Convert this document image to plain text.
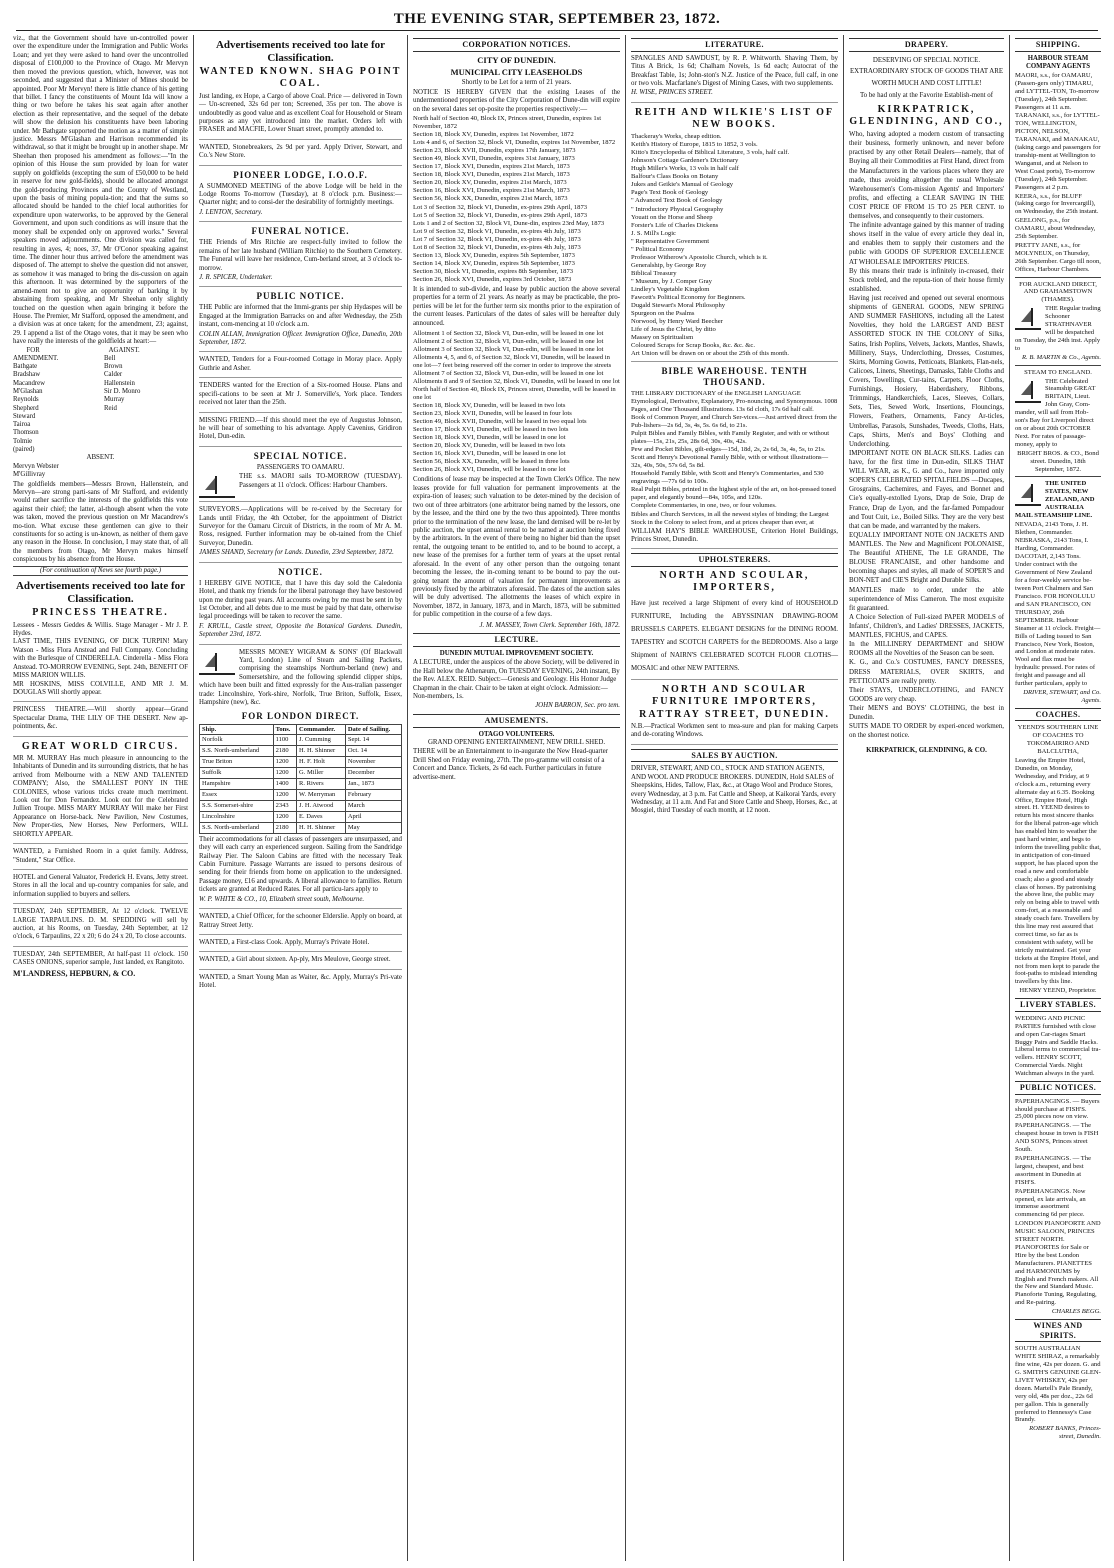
THE EVENING STAR, SEPTEMBER 23, 1872.

viz., that the Government should have un-controlled power over the expenditure under the Immigration and Public Works Loan; and yet they were asked to hand over the uncontrolled disposal of £100,000 to the Province of Otago. Mr Mervyn then moved the previous question, which, however, was not seconded, and suggested that a Minister of Mines should be appointed. Poor Mr Mervyn! there is little chance of his getting that billet. I fancy the constituents of Mount Ida will know a thing or two before he takes his seat again after another election as their representative, and the sequel of the debate will show the delusion his constituents have been laboring under. Mr Bathgate supported the motion as a matter of simple justice. Messrs M'Glashan and Harrison recommended its withdrawal, so that it might be brought up in another shape. Mr Sheehan then proposed his amendment as follows:—"In the opinion of this House the sum provided by loan for water supply on goldfields (excepting the sum of £50,000 to be held in reserve for new gold-fields), should be allocated amongst the gold-producing Provinces and the County of Westland, upon the basis of mining popula-tion; and that the sums so allocated should be handed to the chief local authorities for expenditure upon waterworks, to be approved by the General Government, and upon such conditions as will insure that the money shall be expended only on approved works." Several speakers moved adjournments. One division was called for, resulting in ayes, 4; noes, 37, Mr O'Conor speaking against time. The dinner hour thus arrived before the amendment was disposed of. The attempt to shelve the question did not answer, as somehow it was managed to bring the dis-cussion on again this afternoon. It was determined by the supporters of the amend-ment not to give an opportunity of barking it by abstaining from speaking, and Mr Sheehan only slightly touched on the question when again bringing it before the House. The Premier, Mr Stafford, opposed the amendment, and a division was at once taken; for the amendment, 23; against, 29. I append a list of the Otago votes, that it may be seen who have really the interests of the goldfields at heart:—

FOR AMENDMENT.
Bathgate
Bradshaw
Macandrew
M'Glashan
Reynolds
Shepherd
Steward
Tairoa
Thomson
Tolmie (paired)
AGAINST.
Bell
Brown
Calder
Hallenstein
Sir D. Monro
Murray
Reid
ABSENT.
Mervyn Webster
M'Gillivray

The goldfields members—Messrs Brown, Hallenstein, and Mervyn—are strong parti-sans of Mr Stafford, and evidently would rather sacrifice the interests of the goldfields this vote against their chief; the latter, al-though absent when the vote was taken, moved the previous question on Mr Macandrew's mo-tion. What excuse these gentlemen can give to their constituents for so acting is un-known, as neither of them gave any reason in the House. In conclusion, I may state that, of all the members from Otago, Mr Mervyn makes himself conspicuous by his absence from the House.

(For continuation of News see fourth page.)
Advertisements received too late for Classification.
PRINCESS THEATRE.

Lessees - Messrs Geddes & Willis. Stage Manager - Mr J. P. Hydes.
LAST TIME, THIS EVENING, OF DICK TURPIN! Mary Watson - Miss Flora Anstead and Full Company. Concluding with the Burlesque of CINDERELLA. Cinderella - Miss Flora Anstead. TO-MORROW EVENING, Sept. 24th, BENEFIT OF MISS MARION WILLIS.
MR HOSKINS, MISS COLVILLE, AND MR J. M. DOUGLAS Will shortly appear.

PRINCESS THEATRE.—Will shortly appear—Grand Spectacular Drama, THE LILY OF THE DESERT. New ap-pointments, &c.

GREAT WORLD CIRCUS.

MR M. MURRAY Has much pleasure in announcing to the Inhabitants of Dunedin and its surrounding districts, that he has arrived from Melbourne with a NEW AND TALENTED COMPANY; Also, the SMALLEST PONY IN THE COLONIES, whose various tricks create much merriment. Look out for Don Fernandez. Look out for the Celebrated Jullien Troupe. MISS MARY MURRAY Will make her First Appearance on Horse-back. New Pavilion, New Costumes, New Proper-ties, New Horses, New Performers, WILL SHORTLY APPEAR.

WANTED, a Furnished Room in a quiet family. Address, "Student," Star Office.

HOTEL and General Valuator, Frederick H. Evans, Jetty street. Stores in all the local and up-country companies for sale, and information supplied to buyers and sellers.

TUESDAY, 24th SEPTEMBER, At 12 o'clock. TWELVE LARGE TARPAULINS. D. M. SPEDDING will sell by auction, at his Rooms, on Tuesday, 24th September, at 12 o'clock, 6 Tarpaulins, 22 x 20; 6 do 24 x 20, To close accounts.

TUESDAY, 24th SEPTEMBER, At half-past 11 o'clock. 150 CASES ONIONS, superior sample, Just landed, ex Rangitoto.

M'LANDRESS, HEPBURN, & CO.

Advertisements received too late for Classification.
WANTED KNOWN. SHAG POINT COAL.

Just landing, ex Hope, a Cargo of above Coal. Price — delivered in Town — Un-screened, 32s 6d per ton; Screened, 35s per ton. The above is undoubtedly as good value and as excellent Coal for Household or Steam purposes as any yet introduced into the market. Orders left with FRASER and MACFIE, Lower Stuart street, promptly attended to.

WANTED, Stonebreakers, 2s 9d per yard. Apply Driver, Stewart, and Co.'s New Store.

PIONEER LODGE, I.O.O.F.

A SUMMONED MEETING of the above Lodge will be held in the Lodge Rooms To-morrow (Tuesday), at 8 o'clock p.m. Business:—Quarter night; and to consi-der the desirability of fortnightly meetings.

J. LENTON, Secretary.

FUNERAL NOTICE.

THE Friends of Mrs Ritchie are respect-fully invited to follow the remains of her late husband (William Ritchie) to the Southern Cemetery. The Funeral will leave her residence, Cum-berland street, at 3 o'clock to-morrow.

J. R. SPICER, Undertaker.

PUBLIC NOTICE.

THE Public are informed that the Immi-grants per ship Hydaspes will be Engaged at the Immigration Barracks on and after Wednesday, the 25th instant, com-mencing at 10 o'clock a.m.

COLIN ALLAN, Immigration Officer. Immigration Office, Dunedin, 20th September, 1872.

WANTED, Tenders for a Four-roomed Cottage in Moray place. Apply Guthrie and Asher.

TENDERS wanted for the Erection of a Six-roomed House. Plans and specifi-cations to be seen at Mr J. Somerville's, York place. Tenders received not later than the 25th.

MISSING FRIEND.—If this should meet the eye of Augustus Johnson, he will hear of something to his advantage. Apply Cavenius, Gridiron Hotel, Dun-edin.

SPECIAL NOTICE.
PASSENGERS TO OAMARU.

THE s.s. MAORI sails TO-MORROW (TUESDAY). Passengers at 11 o'clock. Offices: Harbour Chambers.

SURVEYORS.—Applications will be re-ceived by the Secretary for Lands until Friday, the 4th October, for the appointment of District Surveyor for the Oamaru Circuit of Districts, in the room of Mr A. M. Ross, resigned. Further information may be ob-tained from the Chief Surveyor, Dunedin.

JAMES SHAND, Secretary for Lands. Dunedin, 23rd September, 1872.

NOTICE.

I HEREBY GIVE NOTICE, that I have this day sold the Caledonia Hotel, and thank my friends for the liberal patronage they have bestowed upon me during past years. All accounts owing by me must be sent in by 1st October, and all debts due to me must be paid by that date, otherwise legal proceedings will be taken to recover the same.

F. KRULL, Castle street, Opposite the Botanical Gardens. Dunedin, September 23rd, 1872.

MESSRS MONEY WIGRAM & SONS' (Of Blackwall Yard, London) Line of Steam and Sailing Packets, comprising the steamships Northum-berland (new) and Somersetshire, and the following splendid clipper ships, which have been built and fitted expressly for the Aus-tralian passenger trade: Lincolnshire, York-shire, Norfolk, True Briton, Suffolk, Essex, Hampshire (new), &c.

FOR LONDON DIRECT.
Ship.	Tons.	Commander.	Date of Sailing.
Norfolk	1100	J. Cumming	Sept. 14
S.S. North-umberland	2180	H. H. Shinner	Oct. 14
True Briton	1200	H. F. Holt	November
Suffolk	1200	G. Miller	December
Hampshire	1400	R. Rivers	Jan., 1873
Essex	1200	W. Merryman	February
S.S. Somerset-shire	2343	J. H. Atwood	March
Lincolnshire	1200	E. Daves	April
S.S. North-umberland	2180	H. H. Shinner	May

Their accommodations for all classes of passengers are unsurpassed, and they will each carry an experienced surgeon. Sailing from the Sandridge Railway Pier. The Saloon Cabins are fitted with the necessary Teak Cabin Furniture. Passage Warrants are issued to persons desirous of sending for their friends from home on application to the undersigned. Passage money, £16 and upwards. A liberal allowance to families. Return tickets are granted at Reduced Rates. For all particu-lars apply to

W. P. WHITE & CO., 10, Elizabeth street south, Melbourne.

WANTED, a Chief Officer, for the schooner Elderslie. Apply on board, at Rattray Street Jetty.

WANTED, a First-class Cook. Apply, Murray's Private Hotel.

WANTED, a Girl about sixteen. Ap-ply, Mrs Meulove, George street.

WANTED, a Smart Young Man as Waiter, &c. Apply, Murray's Pri-vate Hotel.

CORPORATION NOTICES.
CITY OF DUNEDIN.
MUNICIPAL CITY LEASEHOLDS
Shortly to be Let for a term of 21 years.

NOTICE IS HEREBY GIVEN that the existing Leases of the undermentioned properties of the City Corporation of Dune-din will expire on the several dates set op-posite the properties respectively:—

North half of Section 40, Block IX, Princes street, Dunedin, expires 1st November, 1872
Section 18, Block XV, Dunedin, expires 1st November, 1872
Lots 4 and 6, of Section 32, Block VI, Dunedin, expires 1st November, 1872
Section 23, Block XVII, Dunedin, expires 17th January, 1873
Section 49, Block XVII, Dunedin, expires 31st January, 1873
Section 17, Block XVI, Dunedin, expires 21st March, 1873
Section 18, Block XVI, Dunedin, expires 21st March, 1873
Section 20, Block XV, Dunedin, expires 21st March, 1873
Section 16, Block XVI, Dunedin, expires 21st March, 1873
Section 56, Block XX, Dunedin, expires 21st March, 1873
Lot 3 of Section 32, Block VI, Dunedin, ex-pires 29th April, 1873
Lot 5 of Section 32, Block VI, Dunedin, ex-pires 29th April, 1873
Lots 1 and 2 of Section 32, Block VI, Dune-din, expires 23rd May, 1873
Lot 9 of Section 32, Block VI, Dunedin, ex-pires 4th July, 1873
Lot 7 of Section 32, Block VI, Dunedin, ex-pires 4th July, 1873
Lot 8 of Section 32, Block VI, Dunedin, ex-pires 4th July, 1873
Section 13, Block XV, Dunedin, expires 5th September, 1873
Section 14, Block XV, Dunedin, expires 5th September, 1873
Section 30, Block VI, Dunedin, expires 8th September, 1873
Section 26, Block XVI, Dunedin, expires 3rd October, 1873

It is intended to sub-divide, and lease by public auction the above several properties for a term of 21 years. As nearly as may be practicable, the pro-perties will be let for the further term six months prior to the expiration of the current leases. Particulars of the dates of sales will be hereafter duly announced.

Allotment 1 of Section 32, Block VI, Dun-edin, will be leased in one lot
Allotment 2 of Section 32, Block VI, Dun-edin, will be leased in one lot
Allotment 3 of Section 32, Block VI, Dun-edin, will be leased in one lot
Allotments 4, 5, and 6, of Section 32, Block VI, Dunedin, will be leased in one lot—7 feet being reserved off the corner in order to improve the streets
Allotment 7 of Section 32, Block VI, Dun-edin, will be leased in one lot
Allotments 8 and 9 of Section 32, Block VI, Dunedin, will be leased in one lot
North half of Section 40, Block IX, Princes street, Dunedin, will be leased in one lot
Section 18, Block XV, Dunedin, will be leased in two lots
Section 23, Block XVII, Dunedin, will be leased in four lots
Section 49, Block XVII, Dunedin, will be leased in two equal lots
Section 17, Block XVI, Dunedin, will be leased in two lots
Section 18, Block XVI, Dunedin, will be leased in one lot
Section 20, Block XV, Dunedin, will be leased in two lots
Section 16, Block XVI, Dunedin, will be leased in one lot
Section 56, Block XX, Dunedin, will be leased in three lots
Section 26, Block XVI, Dunedin, will be leased in one lot

Conditions of lease may be inspected at the Town Clerk's Office. The new leases provide for full valuation for permanent improvements at the expira-tion of leases; such valuation to be deter-mined by the decision of two out of three arbitrators (one arbitrator being named by the lessors, one by the lessee, and the third one by the two thus appointed). Three months prior to the termination of the new lease, the land demised will be re-let by public auction, the upset annual rental to be named at auction being fixed by the arbitrators. In the event of there being no higher bid than the upset rental, the outgoing tenant to be entitled to, and to be bound to accept, a new lease of the premises for a further term of years at the upset rental aforesaid. In the event of any other person than the outgoing tenant becoming the lessee, the in-coming tenant to be bound to pay the out-going tenant the amount of valuation for permanent improvements as previously fixed by the arbitrators aforesaid. The dates of the auction sales will be duly advertised. The allotments the leases of which expire in November, 1872, in January, 1873, and in March, 1873, will be submitted for public competition in the course of a few days.

J. M. MASSEY, Town Clerk. September 16th, 1872.

LECTURE.
DUNEDIN MUTUAL IMPROVEMENT SOCIETY.

A LECTURE, under the auspices of the above Society, will be delivered in the Hall below the Athenæum, On TUESDAY EVENING, 24th instant, By the Rev. ALEX. REID. Subject:—Genesis and Geology. His Honor Judge Chapman in the chair. Chair to be taken at eight o'clock. Admission:—Non-members, 1s.

JOHN BARRON, Sec. pro tem.

AMUSEMENTS.
OTAGO VOLUNTEERS.
GRAND OPENING ENTERTAINMENT, NEW DRILL SHED.

THERE will be an Entertainment to in-augurate the New Head-quarter Drill Shed on Friday evening, 27th. The pro-gramme will consist of a Concert and Dance. Tickets, 2s 6d each. Further particulars in future advertise-ment.

LITERATURE.

SPANGLES AND SAWDUST, by R. P. Whitworth. Shaving Them, by Titus A Brick, 1s 6d; Chalham Novels, 1s 6d each; Autocrat of the Breakfast Table, 1s; John-ston's N.Z. Justice of the Peace, full calf, in one or two vols. Macfarlane's Digest of Mining Cases, with two supplements.

H. WISE, PRINCES STREET.

REITH AND WILKIE'S LIST OF NEW BOOKS.
Thackeray's Works, cheap edition.
Keith's History of Europe, 1815 to 1852, 3 vols.
Kitto's Encyclopedia of Biblical Literature, 3 vols, half calf.
Johnson's Cottage Gardener's Dictionary
Hugh Miller's Works, 13 vols in half calf
Balfour's Class Books on Botany
Jukes and Geikie's Manual of Geology
Page's Text Book of Geology
" Advanced Text Book of Geology
" Introductory Physical Geography
Youatt on the Horse and Sheep
Forster's Life of Charles Dickens
J. S. Mill's Logic
" Representative Government
" Political Economy
Professor Witherow's Apostolic Church, which is it.
Generalship, by George Roy
Biblical Treasury
" Museum, by J. Comper Gray
Lindley's Vegetable Kingdom
Fawcett's Political Economy for Beginners.
Dugald Stewart's Moral Philosophy
Spurgeon on the Psalms
Norwood, by Henry Ward Beecher
Life of Jesus the Christ, by ditto
Massey on Spiritualism
Coloured Scraps for Scrap Books, &c. &c. &c.
Art Union will be drawn on or about the 25th of this month.
BIBLE WAREHOUSE. TENTH THOUSAND.
THE LIBRARY DICTIONARY of the ENGLISH LANGUAGE Etymological, Derivative, Explanatory, Pro-nouncing, and Synonymous. 1008 Pages, and One Thousand Illustrations. 13s 6d cloth, 17s 6d half calf.
Book of Common Prayer, and Church Ser-vices.—Just arrived direct from the Pub-lishers—2s 6d, 3s, 4s, 5s. 6s 6d, to 21s.
Pulpit Bibles and Family Bibles, with Family Register, and with or without plates—15s, 21s, 25s, 28s 6d, 30s, 40s, 42s.
Pew and Pocket Bibles, gilt-edges—15d, 18d, 2s, 2s 6d, 3s, 4s, 5s, to 21s.
Scott and Henry's Devotional Family Bible, with or without illustrations—32s, 40s, 50s, 57s 6d, 5s 8d.
Household Family Bible, with Scott and Henry's Commentaries, and 530 engravings —77s 6d to 100s.
Real Pulpit Bibles, printed in the highest style of the art, on hot-pressed toned paper, and elegantly bound—84s, 105s, and 120s.
Complete Commentaries, in one, two, or four volumes.
Bibles and Church Services, in all the newest styles of binding; the Largest Stock in the Colony to select from, and at prices cheaper than ever, at

WILLIAM HAY'S BIBLE WAREHOUSE, Criterion Hotel Buildings, Princes Street, Dunedin.

UPHOLSTERERS.
NORTH AND SCOULAR, IMPORTERS,

Have just received a large Shipment of every kind of HOUSEHOLD FURNITURE, Including the ABYSSINIAN DRAWING-ROOM BRUSSELS CARPETS. ELEGANT DESIGNS for the DINING ROOM. TAPESTRY and SCOTCH CARPETS for the BEDROOMS. Also a large Shipment of NAIRN'S CELEBRATED SCOTCH FLOOR CLOTHS—MOSAIC and other NEW PATTERNS.

NORTH AND SCOULAR FURNITURE IMPORTERS, RATTRAY STREET, DUNEDIN.

N.B.—Practical Workmen sent to mea-sure and plan for making Carpets and de-corating Windows.

SALES BY AUCTION.

DRIVER, STEWART, AND CO., STOCK AND STATION AGENTS, AND WOOL AND PRODUCE BROKERS. DUNEDIN, Hold SALES of Sheepskins, Hides, Tallow, Flax, &c., at Otago Wool and Produce Stores, every Wednesday, at 3 p.m. Fat Cattle and Sheep, at Kaikorai Yards, every Wednesday, at 11 a.m. And Fat and Store Cattle and Sheep, Horses, &c., at Mosgiel, third Tuesday of each month, at 12 noon.

DRAPERY.

DESERVING OF SPECIAL NOTICE.
EXTRAORDINARY STOCK OF GOODS THAT ARE WORTH MUCH AND COST LITTLE!
To be had only at the Favorite Establish-ment of

KIRKPATRICK, GLENDINING, AND CO.,

Who, having adopted a modern custom of transacting their business, formerly unknown, and never before practised by any other Retail Dealers—namely, that of Buying all their Commodities at First Hand, direct from the Manufacturers in the various places where they are made, thus avoiding altogether the usual Wholesale Warehousemen's Com-mission Agents' and Importers' profits, and effecting a CLEAR SAVING IN THE COST PRICE OF FROM 15 TO 25 PER CENT. to themselves, and consequently to their customers.
The infinite advantage gained by this manner of trading shows itself in the value of every article they deal in, and enables them to supply their customers and the public with GOODS OF SUPERIOR EXCELLENCE AT WHOLESALE IMPORTERS' PRICES.
By this means their trade is infinitely in-creased, their Stock trebled, and the reputa-tion of their house firmly established.
Having just received and opened out several enormous shipments of GENERAL GOODS, NEW SPRING AND SUMMER FASHIONS, including all the Latest Novelties, they hold the LARGEST AND BEST ASSORTED STOCK IN THE COLONY of Silks, Satins, Irish Poplins, Velvets, Jackets, Mantles, Shawls, Millinery, Stays, Underclothing, Dresses, Costumes, Skirts, Morning Gowns, Petticoats, Blankets, Flan-nels, Calicoes, Linens, Sheetings, Damasks, Table Cloths and Covers, Towellings, Cur-tains, Carpets, Floor Cloths, Furnishings, Hosiery, Haberdashery, Ribbons, Trimmings, Handkerchiefs, Laces, Sleeves, Collars, Sets, Ties, Sewed Work, Insertions, Flouncings, Flowers, Feathers, Ornaments, Fancy Ar-ticles, Umbrellas, Parasols, Sunshades, Tweeds, Cloths, Hats, Caps, Shirts, Men's and Boys' Clothing and Underclothing.
IMPORTANT NOTE ON BLACK SILKS. Ladies can have, for the first time in Dun-edin, SILKS THAT WILL WEAR, as K., G. and Co., have imported only SOPER'S CELEBRATED SPITALFIELDS —Ducapes, Grosgrains, Cachemires, and Fayes, and Bonnet and Cie's equally-extolled Lyons, Drap de Soie, Drap de France, Drap de Lyon, and the far-famed Pompadour and Tout Cuit, i.e., Boiled Silks. They are the very best that can be made, and warranted by the makers.
EQUALLY IMPORTANT NOTE ON JACKETS AND MANTLES. The New and Magnificent POLONAISE, The Beautiful ATHENE, The LE GRANDE, The BLOUSE FRANCAISE, and other handsome and becoming shapes and styles, all made of SOPER'S and BON-NET and CIE'S Bright and Durable Silks.
MANTLES made to order, under the able superintendence of Miss Cameron. The most exquisite fit guaranteed.
A Choice Selection of Full-sized PAPER MODELS of Infants', Children's, and Ladies' DRESSES, JACKETS, MANTLES, FICHUS, and CAPES.
In the MILLINERY DEPARTMENT and SHOW ROOMS all the Novelties of the Season can be seen.
K. G., and Co.'s COSTUMES, FANCY DRESSES, DRESS MATERIALS, OVER SKIRTS, and PETTICOATS are really pretty.
Their STAYS, UNDERCLOTHING, and FANCY GOODS are very cheap.
Their MEN'S and BOYS' CLOTHING, the best in Dunedin.
SUITS MADE TO ORDER by experi-enced workmen, on the shortest notice.

KIRKPATRICK, GLENDINING, & CO.

SHIPPING.
HARBOUR STEAM COMPANY AGENTS

MAORI, s.s., for OAMARU, (Passen-gers only) TIMARU, and LYTTEL-TON, To-morrow (Tuesday), 24th September. Passengers at 11 a.m.

TARANAKI, s.s., for LYTTEL-TON, WELLINGTON, PICTON, NELSON, TARANAKI, and MANAKAU, (taking cargo and passengers for tranship-ment at Wellington to Wanganui, and at Nelson to West Coast ports), To-morrow (Tuesday), 24th September. Passengers at 2 p.m.

KEERA, s.s., for BLUFF (taking cargo for Invercargill), on Wednesday, the 25th instant.

GEELONG, p.s., for OAMARU, about Wednesday, 25th September.

PRETTY JANE, s.s., for MOLYNEUX, on Thursday, 26th September. Cargo till noon, Offices, Harbour Chambers.

FOR AUCKLAND DIRECT, AND GRAHAMSTOWN (THAMES).

THE Regular trading Schooner STRATHNAVER will be despatched on Tuesday, the 24th inst. Apply to

R. B. MARTIN & Co., Agents.

STEAM TO ENGLAND.

THE Celebrated Steamship GREAT BRITAIN, Lieut. John Gray, Com-mander, will sail from Hob-son's Bay for Liverpool direct on or about 20th OCTOBER Next. For rates of passage-money, apply to

BRIGHT BROS. & CO., Bond street. Dunedin, 18th September, 1872.

THE UNITED STATES, NEW ZEALAND, AND AUSTRALIA MAIL STEAMSHIP LINE.

NEVADA, 2143 Tons, J. H. Blethen, Commander. NEBRASKA, 2143 Tons, I. Harding, Commander. DACOTAH, 2,143 Tons.

Under contract with the Government of New Zealand for a four-weekly service be-tween Port Chalmers and San Francisco. FOR HONOLULU and SAN FRANCISCO, ON THURSDAY, 26th SEPTEMBER. Harbour Steamer at 11 o'clock. Freight—Bills of Lading issued to San Francisco, New York, Boston, and London at moderate rates. Wool and flax must be hydraulic pressed. For rates of freight and passage and all further particulars, apply to

DRIVER, STEWART, and Co. Agents.

COACHES.
YEEND'S SOUTHERN LINE OF COACHES TO TOKOMAIRIRO AND BALCLUTHA,

Leaving the Empire Hotel, Dunedin, on Monday, Wednesday, and Friday, at 9 o'clock a.m., returning every alternate day at 6.35. Booking Office, Empire Hotel, High street. H. YEEND desires to return his most sincere thanks for the liberal patron-age which has enabled him to weather the past hard winter, and begs to inform the travelling public that, in anticipation of con-tinued support, he has placed upon the road a new and comfortable coach; also a good and steady class of horses. By patronising the above line, the public may rely on being able to travel with com-fort, at a reasonable and steady coach fare. Travellers by this line may rest assured that correct time, so far as is consistent with safety, will be strictly maintained. Get your tickets at the Empire Hotel, and not from men kept to parade the foot-paths to mislead intending travellers by this line.

HENRY YEEND, Proprietor.

LIVERY STABLES.

WEDDING AND PICNIC PARTIES furnished with close and open Car-riages Smart Buggy Pairs and Saddle Hacks. Liberal terms to commercial tra-vellers. HENRY SCOTT, Commercial Yards. Night Watchman always in the yard.

PUBLIC NOTICES.

PAPERHANGINGS. — Buyers should purchase at FISH'S. 25,000 pieces now on view.

PAPERHANGINGS. — The cheapest house in town is FISH AND SON'S, Princes street South.

PAPERHANGINGS. — The largest, cheapest, and best assortment in Dunedin at FISH'S.

PAPERHANGINGS. Now opened, ex late arrivals, an immense assortment commencing 6d per piece.

LONDON PIANOFORTE AND MUSIC SALOON, PRINCES STREET NORTH. PIANOFORTES for Sale or Hire by the best London Manufacturers. PIANETTES and HARMONIUMS by English and French makers. All the New and Standard Music. Pianoforte Tuning, Regulating, and Re-pairing.

CHARLES BEGG.

WINES AND SPIRITS.

SOUTH AUSTRALIAN WHITE SHIRAZ, a remarkably fine wine, 42s per dozen. G. and G. SMITH'S GENUINE GLEN-LIVET WHISKEY, 42s per dozen. Martell's Pale Brandy, very old, 48s per doz., 22s 6d per gallon. This is generally preferred to Hennessy's Case Brandy.

ROBERT BANKS, Princes-street, Dunedin.
